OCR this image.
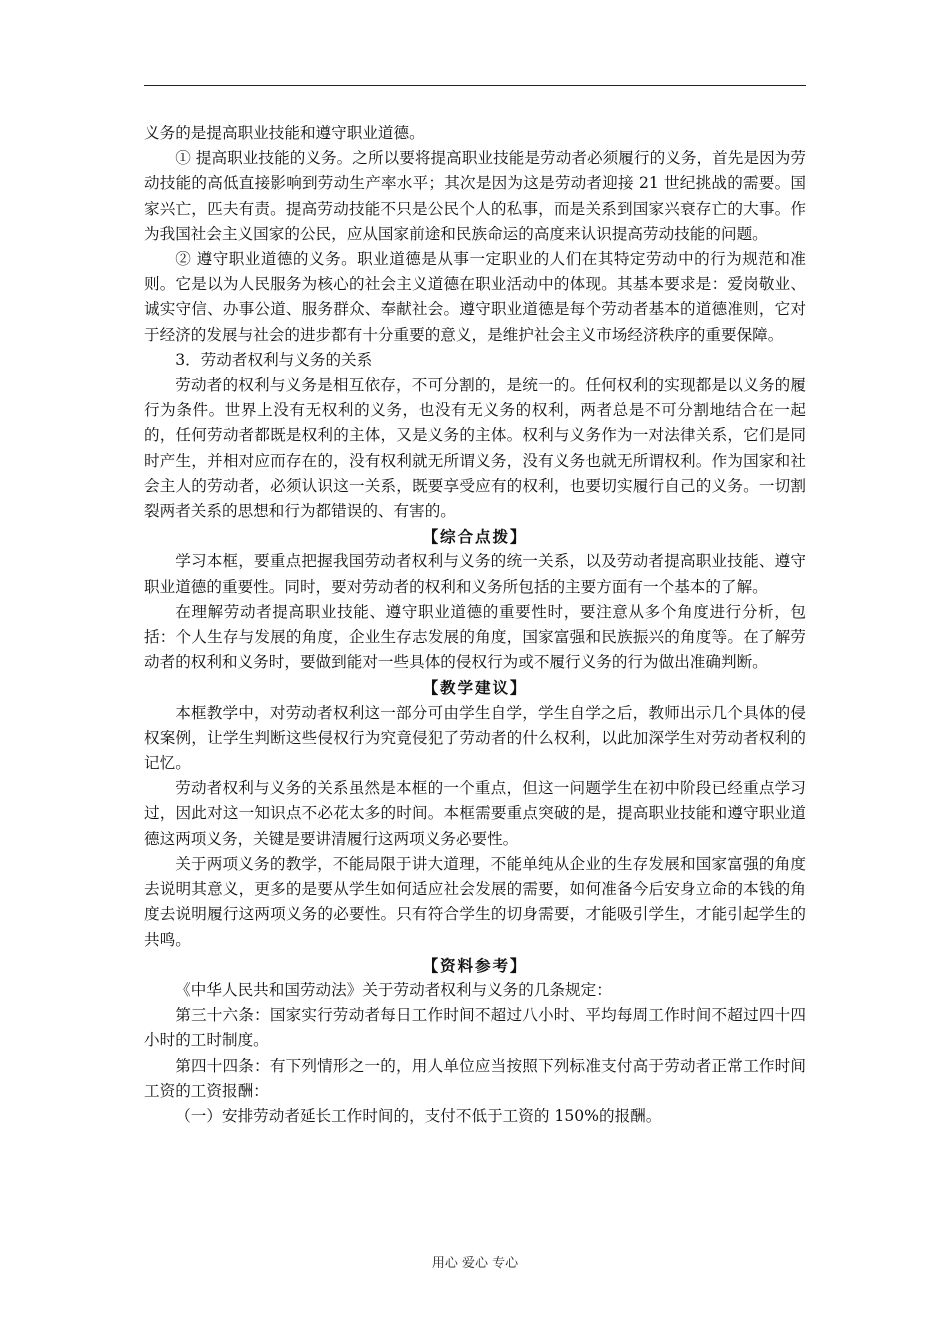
义务的是提高职业技能和遵守职业道德。

① 提高职业技能的义务。之所以要将提高职业技能是劳动者必须履行的义务，首先是因为劳动技能的高低直接影响到劳动生产率水平；其次是因为这是劳动者迎接 21 世纪挑战的需要。国家兴亡，匹夫有责。提高劳动技能不只是公民个人的私事，而是关系到国家兴衰存亡的大事。作为我国社会主义国家的公民，应从国家前途和民族命运的高度来认识提高劳动技能的问题。

② 遵守职业道德的义务。职业道德是从事一定职业的人们在其特定劳动中的行为规范和准则。它是以为人民服务为核心的社会主义道德在职业活动中的体现。其基本要求是：爱岗敬业、诚实守信、办事公道、服务群众、奉献社会。遵守职业道德是每个劳动者基本的道德准则，它对于经济的发展与社会的进步都有十分重要的意义，是维护社会主义市场经济秩序的重要保障。

3．劳动者权利与义务的关系

劳动者的权利与义务是相互依存，不可分割的，是统一的。任何权利的实现都是以义务的履行为条件。世界上没有无权利的义务，也没有无义务的权利，两者总是不可分割地结合在一起的，任何劳动者都既是权利的主体，又是义务的主体。权利与义务作为一对法律关系，它们是同时产生，并相对应而存在的，没有权利就无所谓义务，没有义务也就无所谓权利。作为国家和社会主人的劳动者，必须认识这一关系，既要享受应有的权利，也要切实履行自己的义务。一切割裂两者关系的思想和行为都错误的、有害的。

【综合点拨】

学习本框，要重点把握我国劳动者权利与义务的统一关系，以及劳动者提高职业技能、遵守职业道德的重要性。同时，要对劳动者的权利和义务所包括的主要方面有一个基本的了解。

在理解劳动者提高职业技能、遵守职业道德的重要性时，要注意从多个角度进行分析，包括：个人生存与发展的角度，企业生存志发展的角度，国家富强和民族振兴的角度等。在了解劳动者的权利和义务时，要做到能对一些具体的侵权行为或不履行义务的行为做出准确判断。

【教学建议】

本框教学中，对劳动者权利这一部分可由学生自学，学生自学之后，教师出示几个具体的侵权案例，让学生判断这些侵权行为究竟侵犯了劳动者的什么权利，以此加深学生对劳动者权利的记忆。

劳动者权利与义务的关系虽然是本框的一个重点，但这一问题学生在初中阶段已经重点学习过，因此对这一知识点不必花太多的时间。本框需要重点突破的是，提高职业技能和遵守职业道德这两项义务，关键是要讲清履行这两项义务必要性。

关于两项义务的教学，不能局限于讲大道理，不能单纯从企业的生存发展和国家富强的角度去说明其意义，更多的是要从学生如何适应社会发展的需要，如何准备今后安身立命的本钱的角度去说明履行这两项义务的必要性。只有符合学生的切身需要，才能吸引学生，才能引起学生的共鸣。

【资料参考】

《中华人民共和国劳动法》关于劳动者权利与义务的几条规定：

第三十六条：国家实行劳动者每日工作时间不超过八小时、平均每周工作时间不超过四十四小时的工时制度。

第四十四条：有下列情形之一的，用人单位应当按照下列标准支付高于劳动者正常工作时间工资的工资报酬：

（一）安排劳动者延长工作时间的，支付不低于工资的 150%的报酬。

用心 爱心 专心
